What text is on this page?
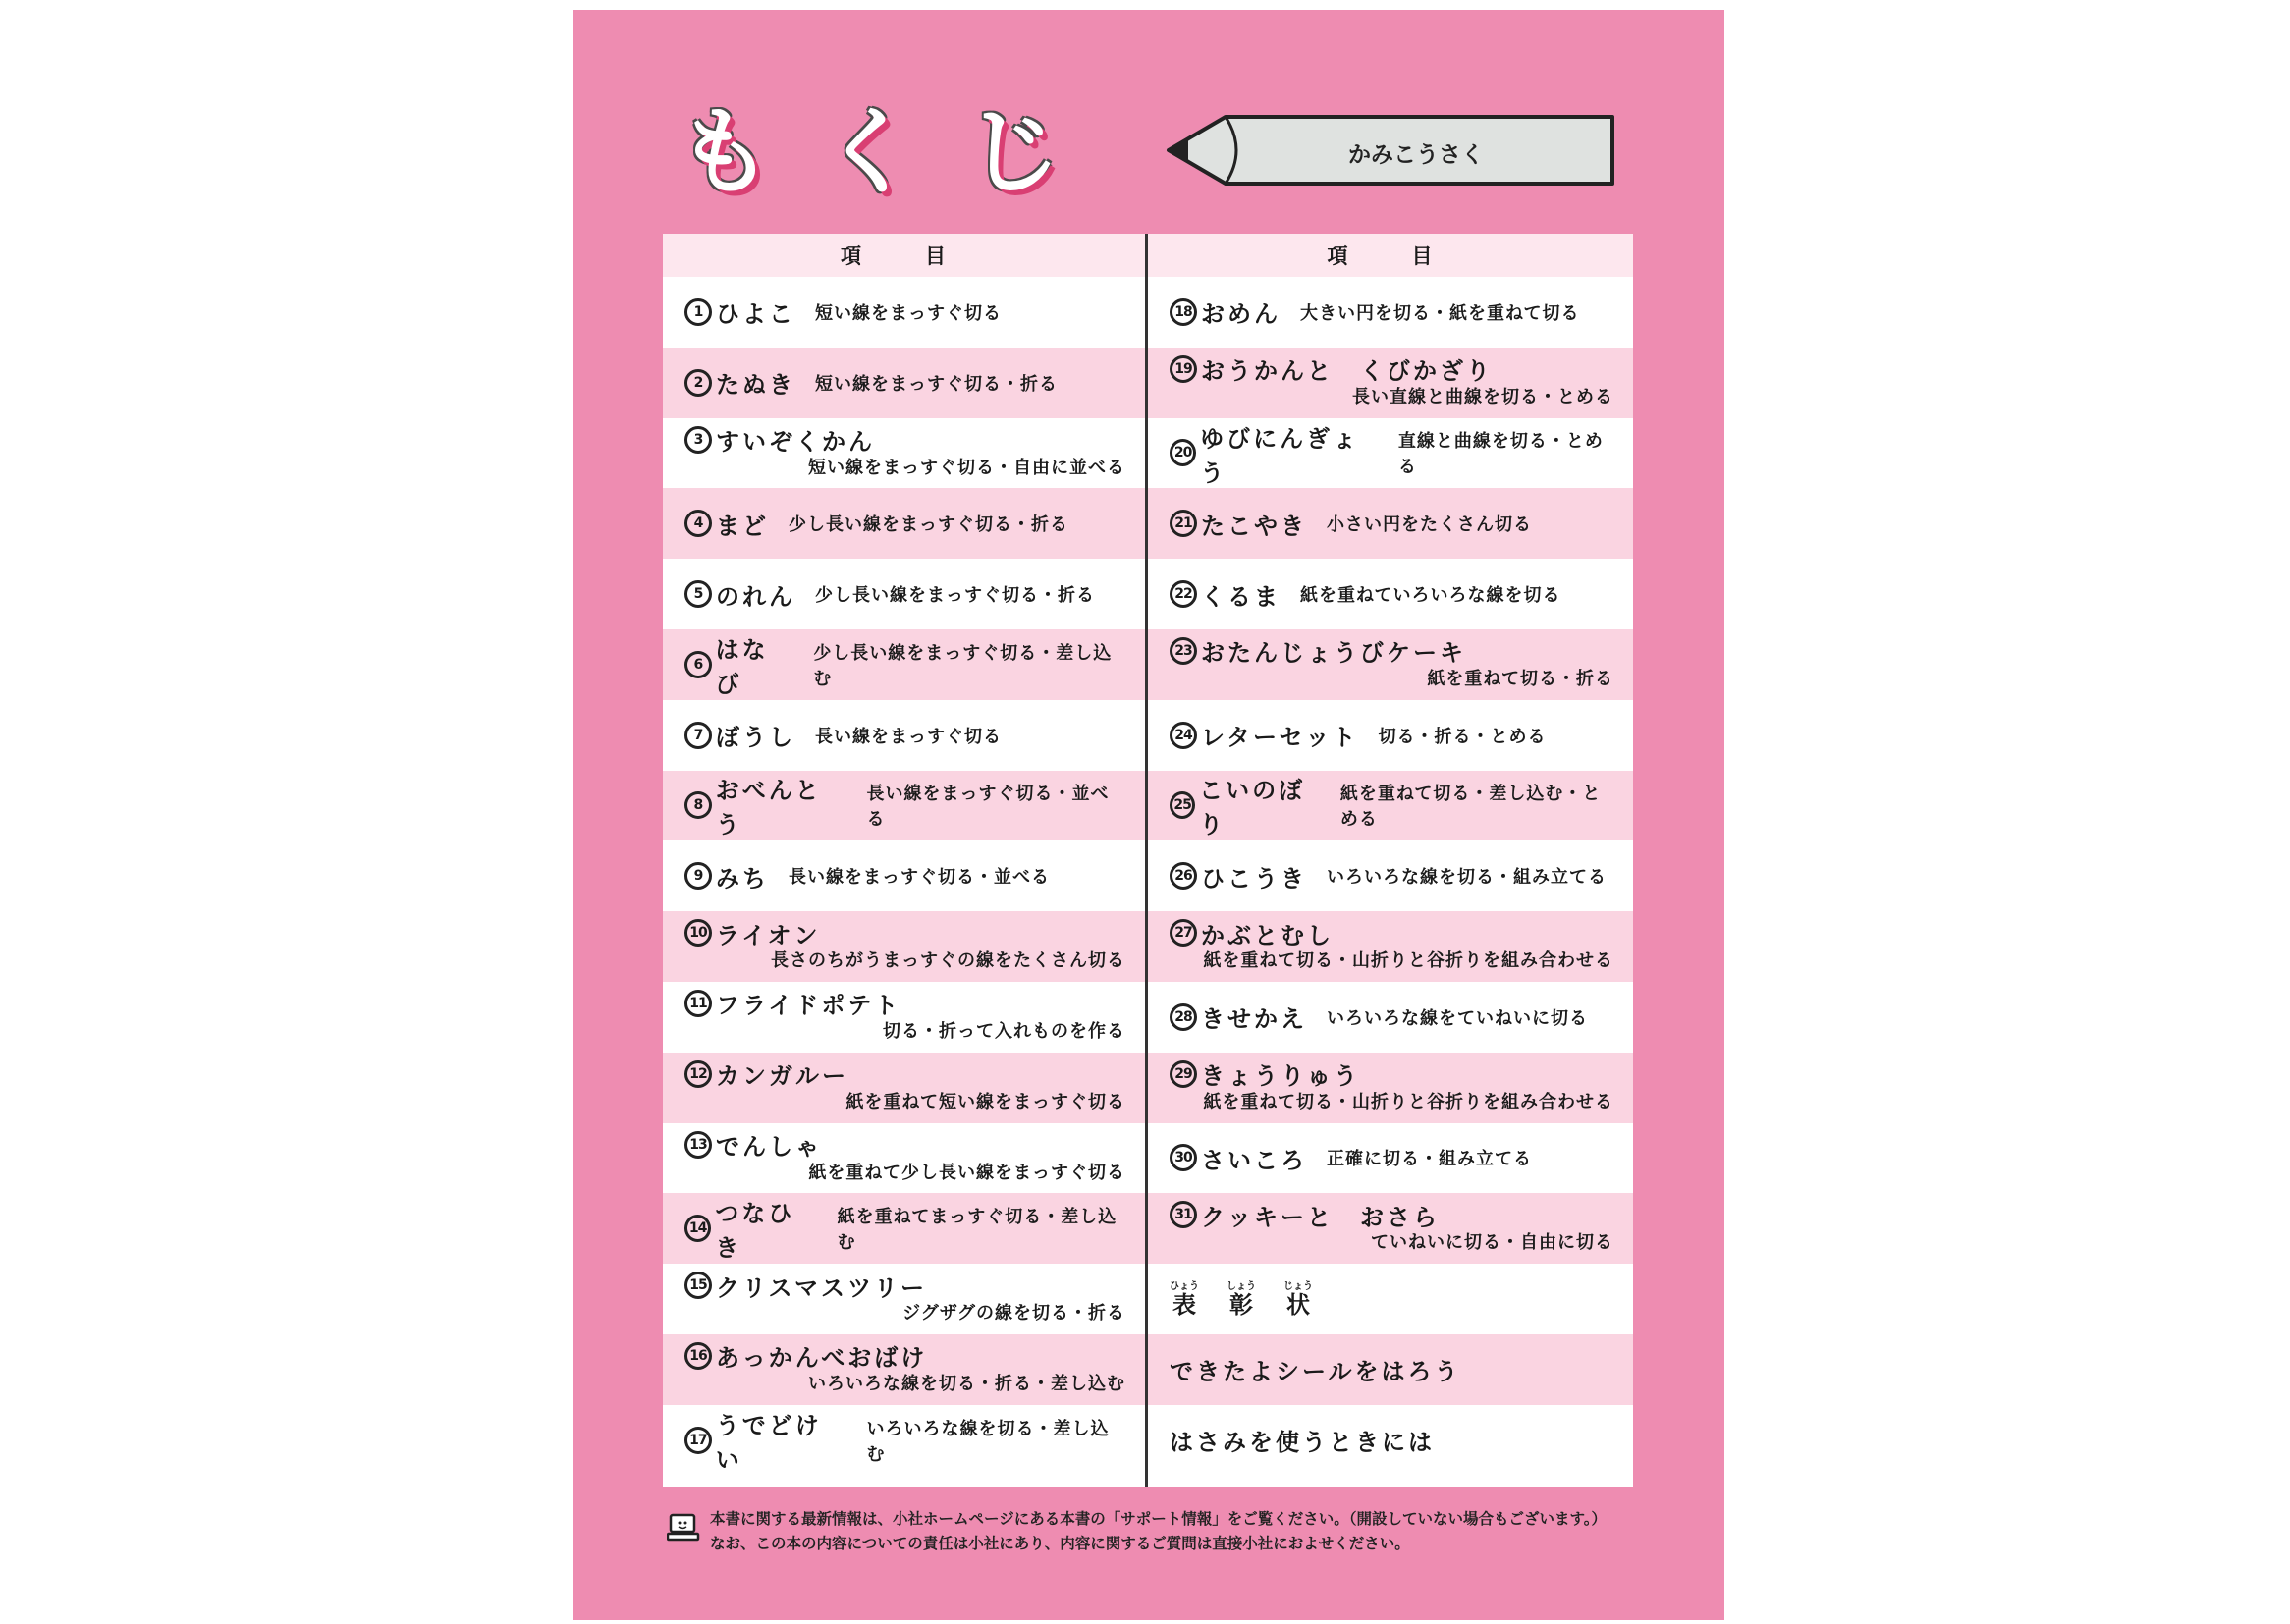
も く じ	かみこうさく
項　目
1 ひよこ 短い線をまっすぐ切る
2 たぬき 短い線をまっすぐ切る・折る
3 すいぞくかん
短い線をまっすぐ切る・自由に並べる
4 まど 少し長い線をまっすぐ切る・折る
5 のれん 少し長い線をまっすぐ切る・折る
6
はなび
少し長い線をまっすぐ切る・差し込む
7 ぼうし 長い線をまっすぐ切る
8
おべんとう
長い線をまっすぐ切る・並べる
9 みち 長い線をまっすぐ切る・並べる
10 ライオン
長さのちがうまっすぐの線をたくさん切る
11 フライドポテト
切る・折って入れものを作る
12 カンガルー
紙を重ねて短い線をまっすぐ切る
13 でんしゃ
紙を重ねて少し長い線をまっすぐ切る
14
つなひき
紙を重ねてまっすぐ切る・差し込む
15 クリスマスツリー
ジグザグの線を切る・折る
16 あっかんべおばけ
いろいろな線を切る・折る・差し込む
17
うでどけい
いろいろな線を切る・差し込む
項　目
18 おめん 大きい円を切る・紙を重ねて切る
19 おうかんと　くびかざり
長い直線と曲線を切る・とめる
20
ゆびにんぎょう
直線と曲線を切る・とめる
21 たこやき 小さい円をたくさん切る
22 くるま 紙を重ねていろいろな線を切る
23 おたんじょうびケーキ
紙を重ねて切る・折る
24 レターセット 切る・折る・とめる
25
こいのぼり
紙を重ねて切る・差し込む・とめる
26 ひこうき いろいろな線を切る・組み立てる
27 かぶとむし
紙を重ねて切る・山折りと谷折りを組み合わせる
28 きせかえ いろいろな線をていねいに切る
29 きょうりゅう
紙を重ねて切る・山折りと谷折りを組み合わせる
30 さいころ 正確に切る・組み立てる
31 クッキーと　おさら
ていねいに切る・自由に切る
表ひょう
彰しょう
状じょう
できたよシールをはろう
はさみを使うときには
本書に関する最新情報は、小社ホームページにある本書の「サポート情報」をご覧ください。（開設していない場合もございます。）
なお、この本の内容についての責任は小社にあり、内容に関するご質問は直接小社におよせください。
